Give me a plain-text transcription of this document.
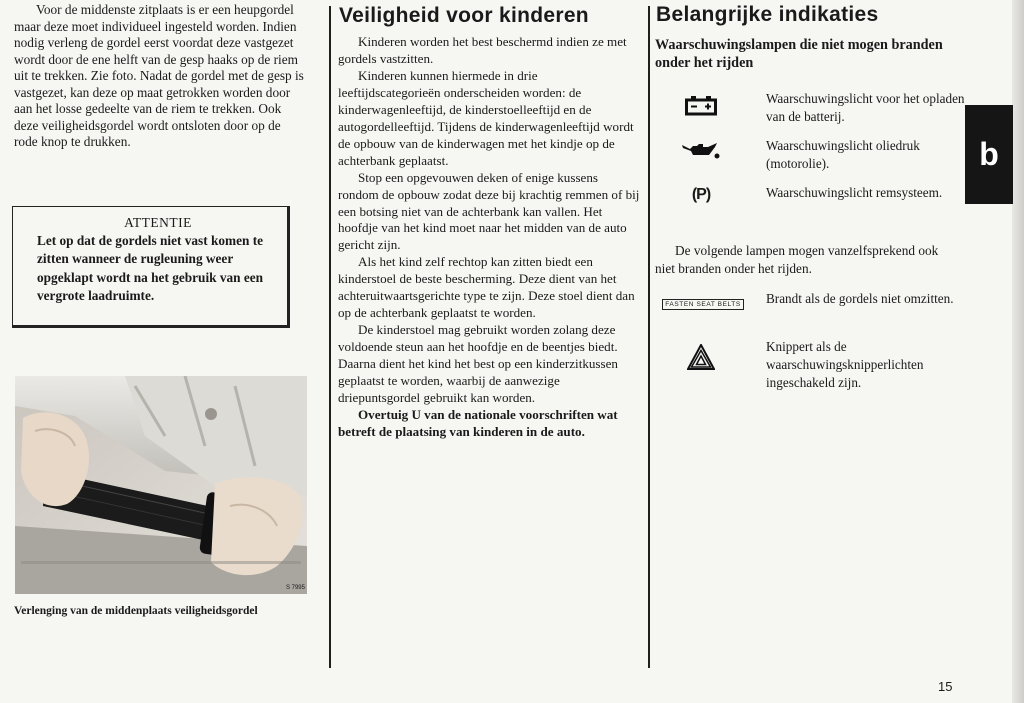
Voor de middenste zitplaats is er een heupgordel maar deze moet individueel ingesteld worden. Indien nodig verleng de gordel eerst voordat deze vastgezet wordt door de ene helft van de gesp haaks op de riem uit te trekken. Zie foto. Nadat de gordel met de gesp is vastgezet, kan deze op maat getrokken worden door aan het losse gedeelte van de riem te trekken. Ook deze veiligheidsgordel wordt ontsloten door op de rode knop te drukken.

ATTENTIE
Let op dat de gordels niet vast komen te zitten wanneer de rugleuning weer opgeklapt wordt na het gebruik van een vergrote laadruimte.
S 7995
Verlenging van de middenplaats veiligheidsgordel
Veiligheid voor kinderen

Kinderen worden het best beschermd indien ze met gordels vastzitten.

Kinderen kunnen hiermede in drie leeftijdscategorieën onderscheiden worden: de kinderwagenleeftijd, de kinderstoelleeftijd en de autogordelleeftijd. Tijdens de kinderwagenleeftijd wordt de opbouw van de kinderwagen met het kindje op de achterbank geplaatst.

Stop een opgevouwen deken of enige kussens rondom de opbouw zodat deze bij krachtig remmen of bij een botsing niet van de achterbank kan vallen. Het hoofdje van het kind moet naar het midden van de auto gericht zijn.

Als het kind zelf rechtop kan zitten biedt een kinderstoel de beste bescherming. Deze dient van het achteruitwaartsgerichte type te zijn. Deze stoel dient dan op de achterbank geplaatst te worden.

De kinderstoel mag gebruikt worden zolang deze voldoende steun aan het hoofdje en de beentjes biedt. Daarna dient het kind het best op een kinderzitkussen geplaatst te worden, waarbij de aanwezige driepuntsgordel gebruikt kan worden.

Overtuig U van de nationale voorschriften wat betreft de plaatsing van kinderen in de auto.

Belangrijke indikaties
Waarschuwingslampen die niet mogen branden onder het rijden
Waarschuwingslicht voor het opladen van de batterij.
Waarschuwingslicht oliedruk (motorolie).
(P)	Waarschuwingslicht remsysteem.

De volgende lampen mogen vanzelfsprekend ook niet branden onder het rijden.

FASTEN SEAT BELTS Brandt als de gordels niet omzitten.
Knippert als de waarschuwingsknipperlichten ingeschakeld zijn.
b
15
